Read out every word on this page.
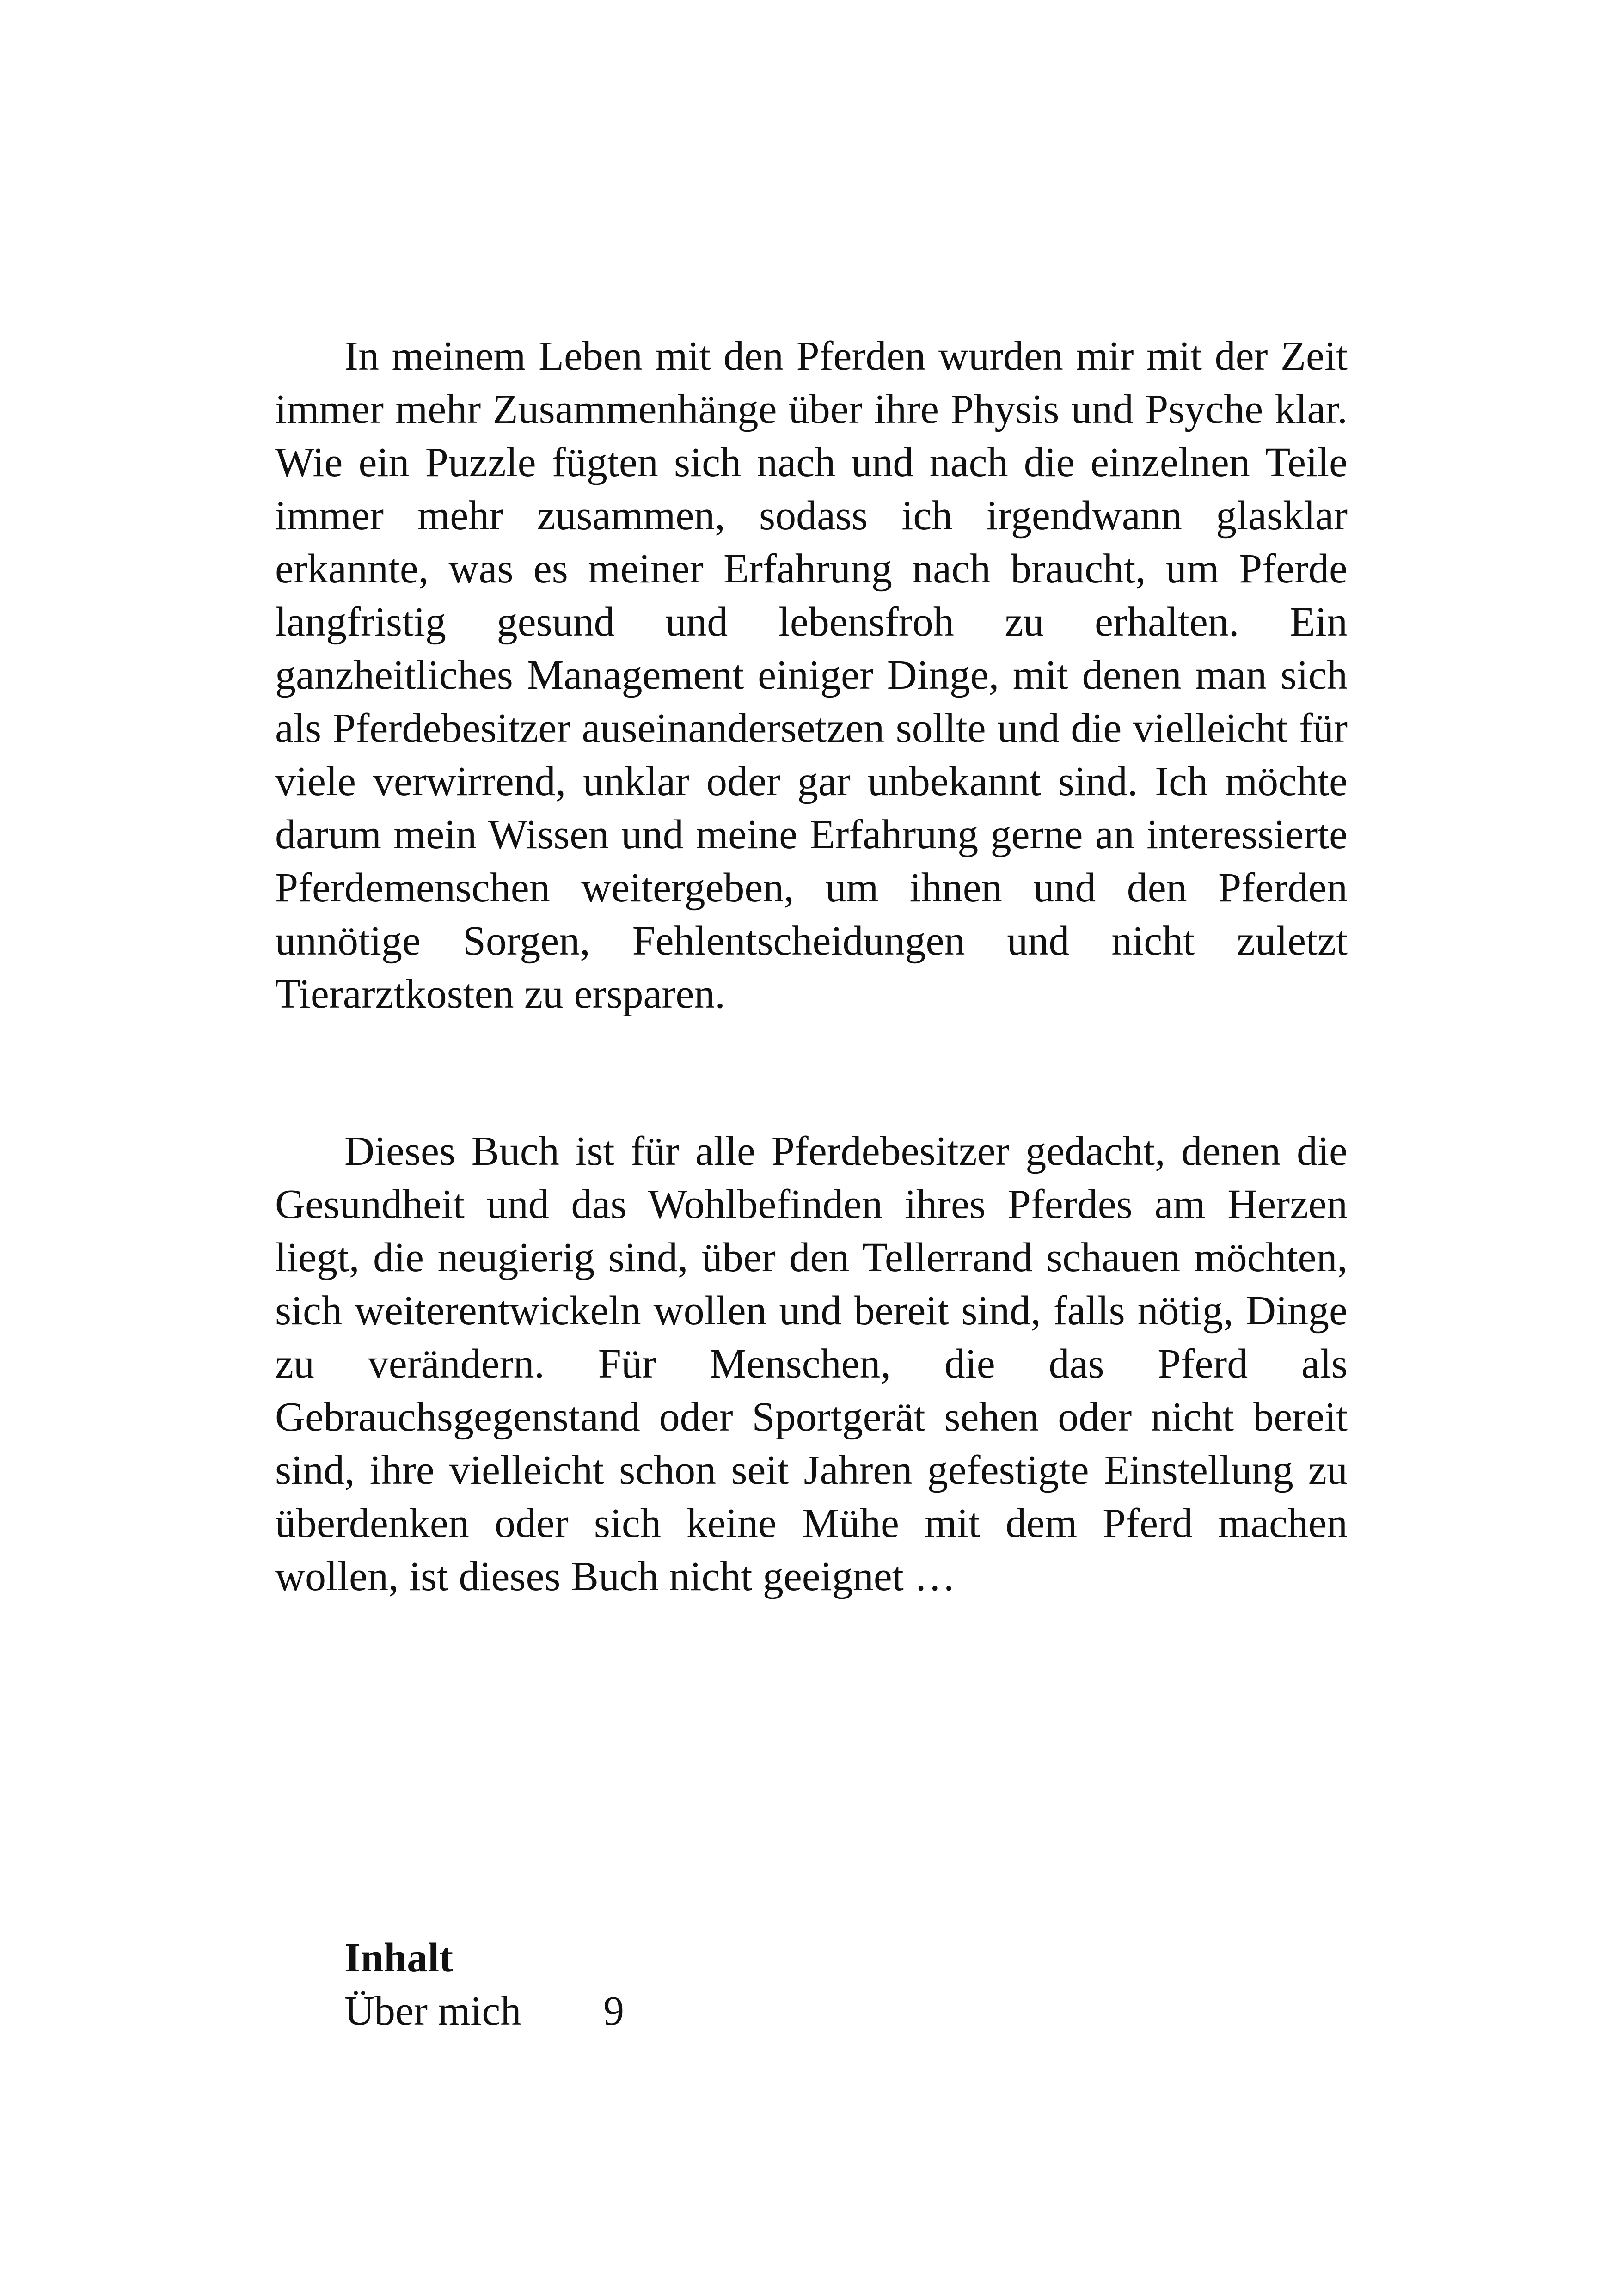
In meinem Leben mit den Pferden wurden mir mit der Zeit immer mehr Zusammenhänge über ihre Physis und Psyche klar. Wie ein Puzzle fügten sich nach und nach die einzelnen Teile immer mehr zusammen, sodass ich irgendwann glasklar erkannte, was es meiner Erfahrung nach braucht, um Pferde langfristig gesund und lebensfroh zu erhalten. Ein ganzheitliches Management einiger Dinge, mit denen man sich als Pferdebesitzer auseinandersetzen sollte und die vielleicht für viele verwirrend, unklar oder gar unbekannt sind. Ich möchte darum mein Wissen und meine Erfahrung gerne an interessierte Pferdemenschen weitergeben, um ihnen und den Pferden unnötige Sorgen, Fehlentscheidungen und nicht zuletzt Tierarztkosten zu ersparen.

Dieses Buch ist für alle Pferdebesitzer gedacht, denen die Gesundheit und das Wohlbefinden ihres Pferdes am Herzen liegt, die neugierig sind, über den Tellerrand schauen möchten, sich weiterentwickeln wollen und bereit sind, falls nötig, Dinge zu verändern. Für Menschen, die das Pferd als Gebrauchsgegenstand oder Sportgerät sehen oder nicht bereit sind, ihre vielleicht schon seit Jahren gefestigte Einstellung zu überdenken oder sich keine Mühe mit dem Pferd machen wollen, ist dieses Buch nicht geeignet …

Inhalt
Über mich	9
